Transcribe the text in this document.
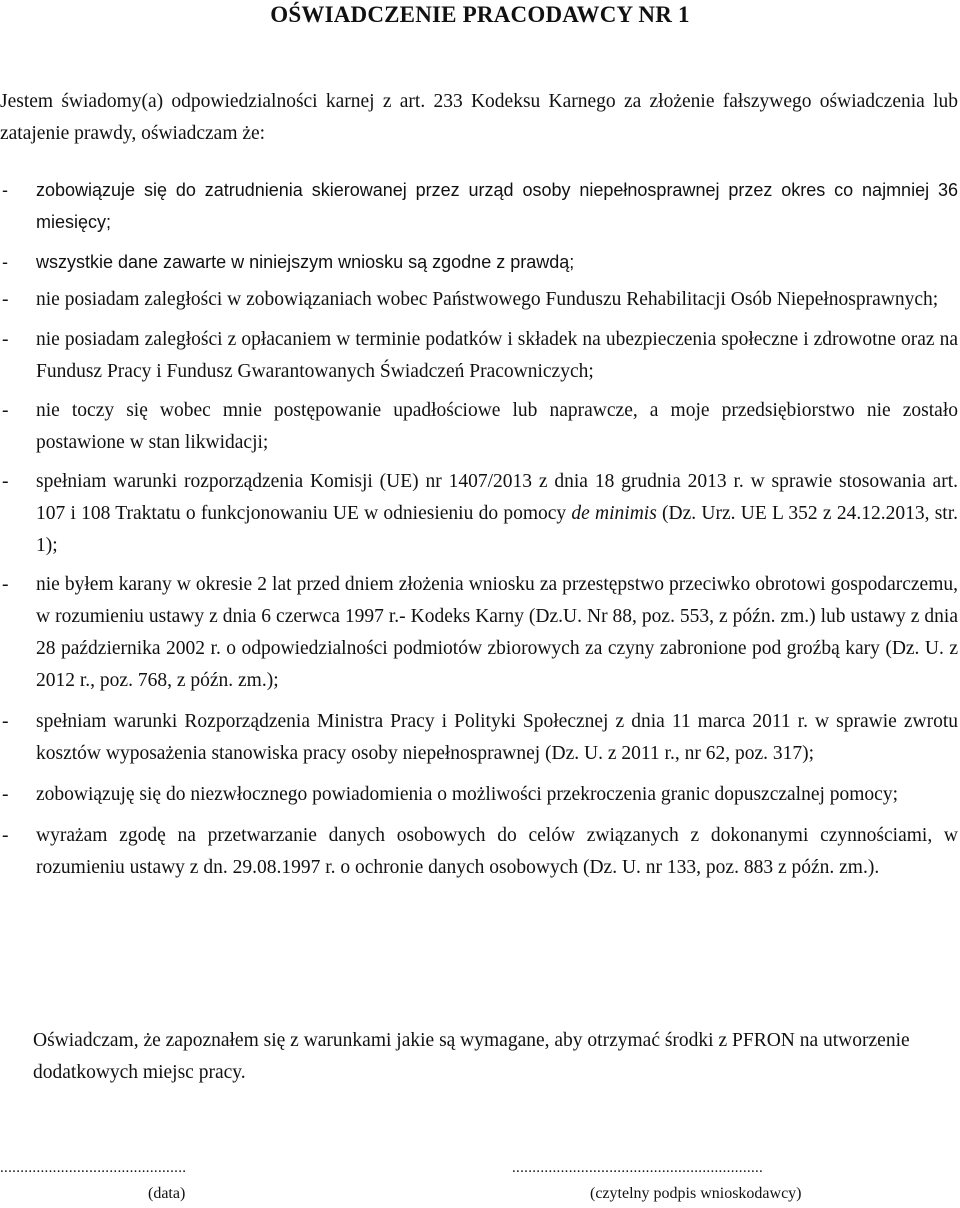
OŚWIADCZENIE PRACODAWCY NR 1
Jestem świadomy(a) odpowiedzialności karnej z art. 233 Kodeksu Karnego za złożenie fałszywego oświadczenia lub zatajenie prawdy, oświadczam że:
- zobowiązuje się do zatrudnienia skierowanej przez urząd osoby niepełnosprawnej przez okres co najmniej 36 miesięcy;
- wszystkie dane zawarte w niniejszym wniosku są zgodne z prawdą;
- nie posiadam zaległości w zobowiązaniach wobec Państwowego Funduszu Rehabilitacji Osób Niepełnosprawnych;
- nie posiadam zaległości z opłacaniem w terminie podatków i składek na ubezpieczenia społeczne i zdrowotne oraz na Fundusz Pracy i Fundusz Gwarantowanych Świadczeń Pracowniczych;
- nie toczy się wobec mnie postępowanie upadłościowe lub naprawcze, a moje przedsiębiorstwo nie zostało postawione w stan likwidacji;
- spełniam warunki rozporządzenia Komisji (UE) nr 1407/2013 z dnia 18 grudnia 2013 r. w sprawie stosowania art. 107 i 108 Traktatu o funkcjonowaniu UE w odniesieniu do pomocy de minimis (Dz. Urz. UE L 352 z 24.12.2013, str. 1);
- nie byłem karany w okresie 2 lat przed dniem złożenia wniosku za przestępstwo przeciwko obrotowi gospodarczemu, w rozumieniu ustawy z dnia 6 czerwca 1997 r.- Kodeks Karny (Dz.U. Nr 88, poz. 553, z późn. zm.) lub ustawy z dnia 28 października 2002 r. o odpowiedzialności podmiotów zbiorowych za czyny zabronione pod groźbą kary (Dz. U. z 2012 r., poz. 768, z późn. zm.);
- spełniam warunki Rozporządzenia Ministra Pracy i Polityki Społecznej z dnia 11 marca 2011 r. w sprawie zwrotu kosztów wyposażenia stanowiska pracy osoby niepełnosprawnej (Dz. U. z 2011 r., nr 62, poz. 317);
- zobowiązuję się do niezwłocznego powiadomienia o możliwości przekroczenia granic dopuszczalnej pomocy;
- wyrażam zgodę na przetwarzanie danych osobowych do celów związanych z dokonanymi czynnościami, w rozumieniu ustawy z dn. 29.08.1997 r. o ochronie danych osobowych (Dz. U. nr 133, poz. 883 z późn. zm.).
Oświadczam, że zapoznałem się z warunkami jakie są wymagane, aby otrzymać środki z PFRON na utworzenie dodatkowych miejsc pracy.
..............................................
(data)
..............................................................
(czytelny podpis wnioskodawcy)
